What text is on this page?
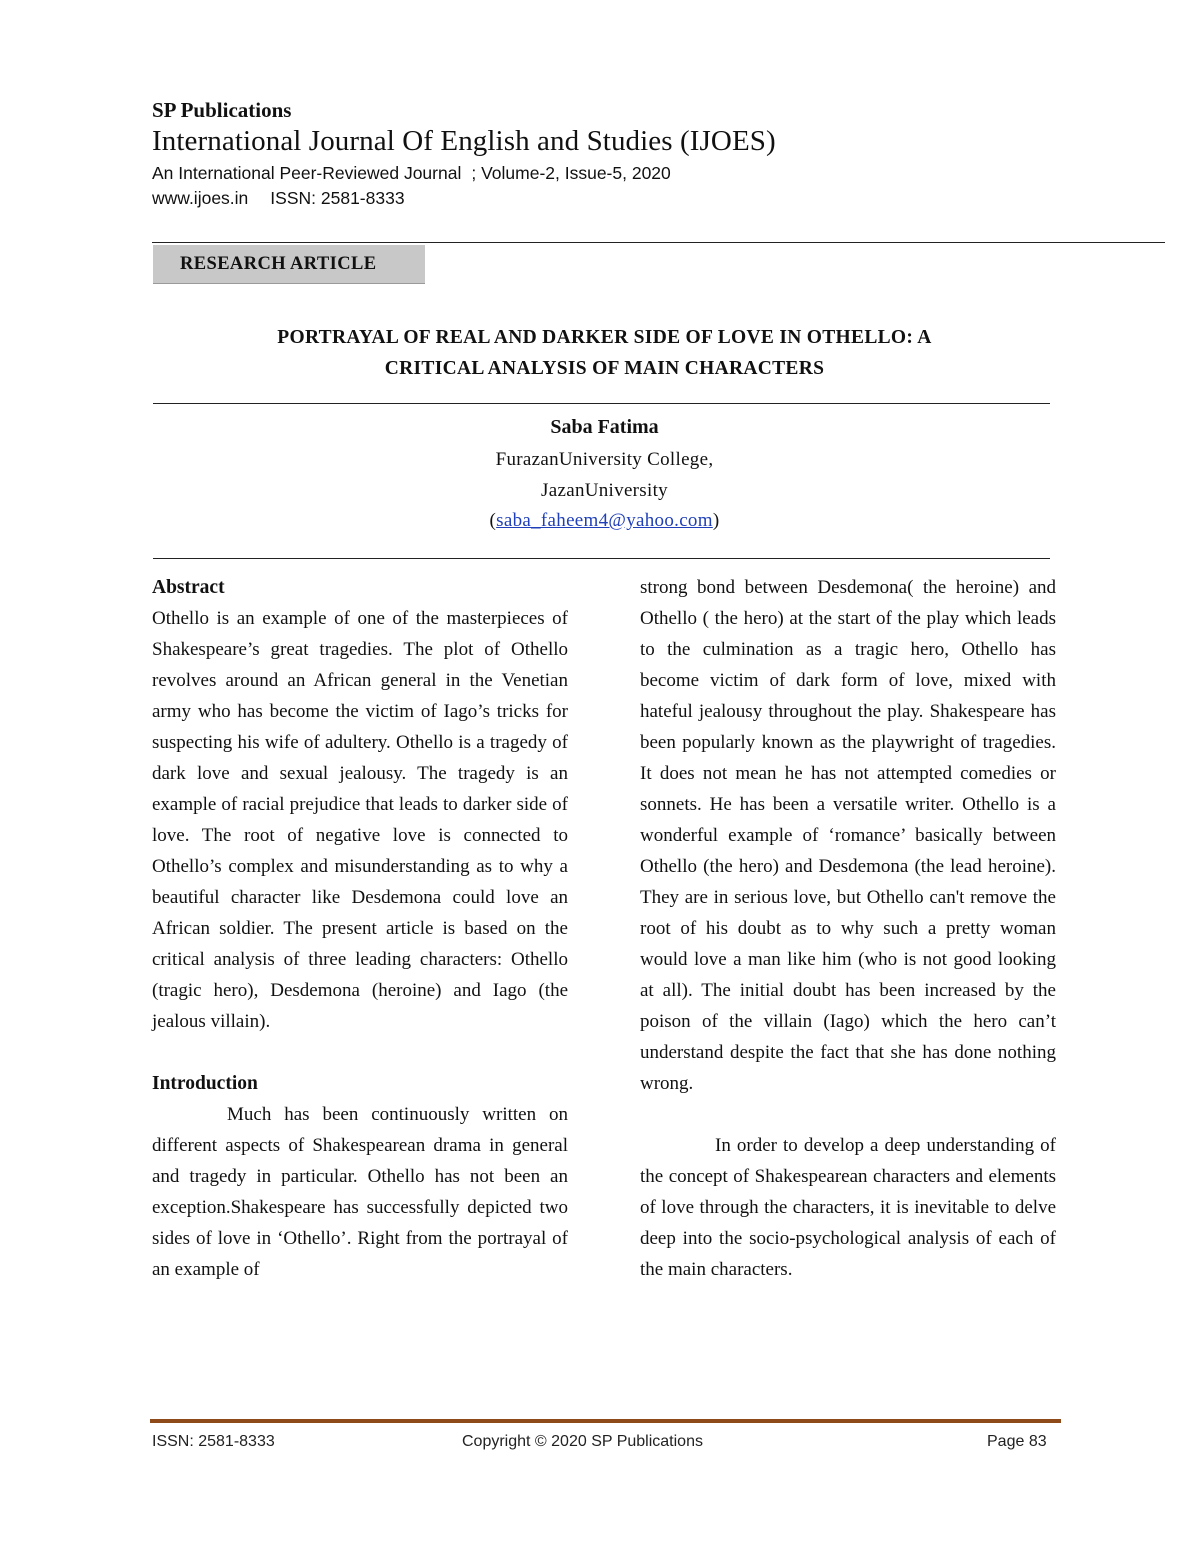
SP Publications
International Journal Of English and Studies (IJOES)
An International Peer-Reviewed Journal ; Volume-2, Issue-5, 2020
www.ijoes.in ISSN: 2581-8333
RESEARCH ARTICLE
PORTRAYAL OF REAL AND DARKER SIDE OF LOVE IN OTHELLO: A
CRITICAL ANALYSIS OF MAIN CHARACTERS
Saba Fatima
FurazanUniversity College,
JazanUniversity
(saba_faheem4@yahoo.com)
Abstract

Othello is an example of one of the masterpieces of Shakespeare’s great tragedies. The plot of Othello revolves around an African general in the Venetian army who has become the victim of Iago’s tricks for suspecting his wife of adultery. Othello is a tragedy of dark love and sexual jealousy. The tragedy is an example of racial prejudice that leads to darker side of love. The root of negative love is connected to Othello’s complex and misunderstanding as to why a beautiful character like Desdemona could love an African soldier. The present article is based on the critical analysis of three leading characters: Othello (tragic hero), Desdemona (heroine) and Iago (the jealous villain).

Introduction

Much has been continuously written on different aspects of Shakespearean drama in general and tragedy in particular. Othello has not been an exception.Shakespeare has successfully depicted two sides of love in ‘Othello’. Right from the portrayal of an example of

strong bond between Desdemona( the heroine) and Othello ( the hero) at the start of the play which leads to the culmination as a tragic hero, Othello has become victim of dark form of love, mixed with hateful jealousy throughout the play. Shakespeare has been popularly known as the playwright of tragedies. It does not mean he has not attempted comedies or sonnets. He has been a versatile writer. Othello is a wonderful example of ‘romance’ basically between Othello (the hero) and Desdemona (the lead heroine). They are in serious love, but Othello can't remove the root of his doubt as to why such a pretty woman would love a man like him (who is not good looking at all). The initial doubt has been increased by the poison of the villain (Iago) which the hero can’t understand despite the fact that she has done nothing wrong.

In order to develop a deep understanding of the concept of Shakespearean characters and elements of love through the characters, it is inevitable to delve deep into the socio-psychological analysis of each of the main characters.

ISSN: 2581-8333	Copyright © 2020 SP Publications	Page 83
